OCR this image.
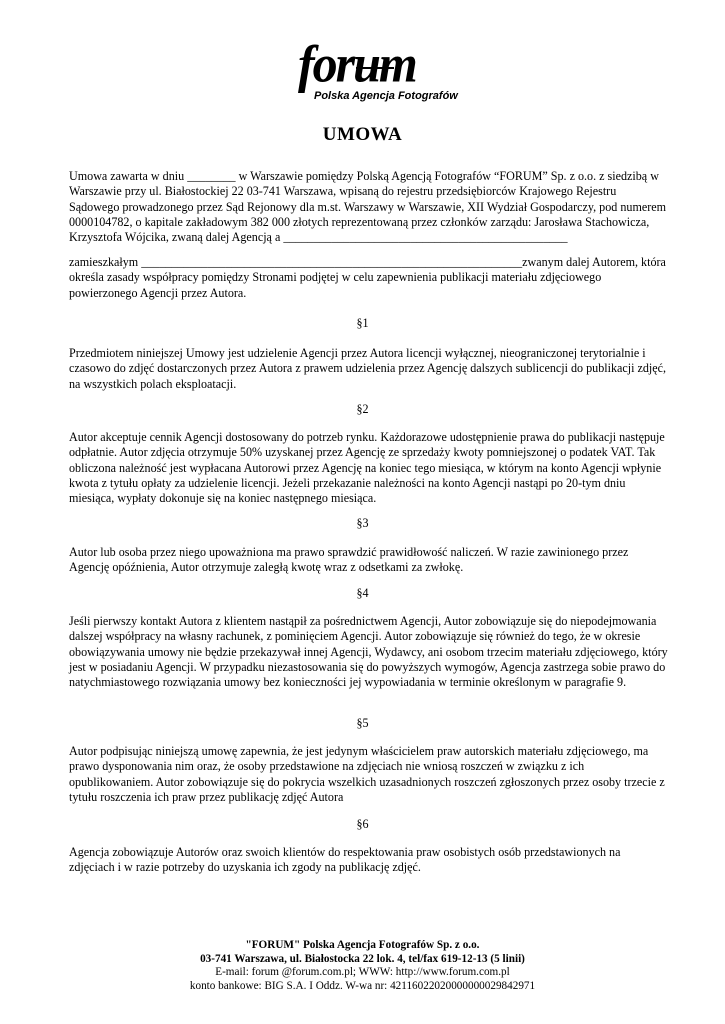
forum
Polska Agencja Fotografów
UMOWA

Umowa zawarta w dniu ________ w Warszawie pomiędzy Polską Agencją Fotografów “FORUM” Sp. z o.o. z siedzibą w Warszawie przy ul. Białostockiej 22 03-741 Warszawa, wpisaną do rejestru przedsiębiorców Krajowego Rejestru Sądowego prowadzonego przez Sąd Rejonowy dla m.st. Warszawy w Warszawie, XII Wydział Gospodarczy, pod numerem 0000104782, o kapitale zakładowym 382 000 złotych reprezentowaną przez członków zarządu: Jarosława Stachowicza, Krzysztofa Wójcika, zwaną dalej Agencją a _______________________________________________

zamieszkałym _______________________________________________________________zwanym dalej Autorem, która określa zasady współpracy pomiędzy Stronami podjętej w celu zapewnienia publikacji materiału zdjęciowego powierzonego Agencji przez Autora.

§1

Przedmiotem niniejszej Umowy jest udzielenie Agencji przez Autora licencji wyłącznej, nieograniczonej terytorialnie i czasowo do zdjęć dostarczonych przez Autora z prawem udzielenia przez Agencję dalszych sublicencji do publikacji zdjęć, na wszystkich polach eksploatacji.

§2

Autor akceptuje cennik Agencji dostosowany do potrzeb rynku. Każdorazowe udostępnienie prawa do publikacji następuje odpłatnie. Autor zdjęcia otrzymuje 50% uzyskanej przez Agencję ze sprzedaży kwoty pomniejszonej o podatek VAT. Tak obliczona należność jest wypłacana Autorowi przez Agencję na koniec tego miesiąca, w którym na konto Agencji wpłynie kwota z tytułu opłaty za udzielenie licencji. Jeżeli przekazanie należności na konto Agencji nastąpi po 20-tym dniu miesiąca, wypłaty dokonuje się na koniec następnego miesiąca.

§3

Autor lub osoba przez niego upoważniona ma prawo sprawdzić prawidłowość naliczeń. W razie zawinionego przez Agencję opóźnienia, Autor otrzymuje zaległą kwotę wraz z odsetkami za zwłokę.

§4

Jeśli pierwszy kontakt Autora z klientem nastąpił za pośrednictwem Agencji, Autor zobowiązuje się do niepodejmowania dalszej współpracy na własny rachunek, z pominięciem Agencji. Autor zobowiązuje się również do tego, że w okresie obowiązywania umowy nie będzie przekazywał innej Agencji, Wydawcy, ani osobom trzecim materiału zdjęciowego, który jest w posiadaniu Agencji. W przypadku niezastosowania się do powyższych wymogów, Agencja zastrzega sobie prawo do natychmiastowego rozwiązania umowy bez konieczności jej wypowiadania w terminie określonym w paragrafie 9.

§5

Autor podpisując niniejszą umowę zapewnia, że jest jedynym właścicielem praw autorskich materiału zdjęciowego, ma prawo dysponowania nim oraz, że osoby przedstawione na zdjęciach nie wniosą roszczeń w związku z ich opublikowaniem. Autor zobowiązuje się do pokrycia wszelkich uzasadnionych roszczeń zgłoszonych przez osoby trzecie z tytułu roszczenia ich praw przez publikację zdjęć Autora

§6

Agencja zobowiązuje Autorów oraz swoich klientów do respektowania praw osobistych osób przedstawionych na zdjęciach i w razie potrzeby do uzyskania ich zgody na publikację zdjęć.

"FORUM" Polska Agencja Fotografów Sp. z o.o.
03-741 Warszawa, ul. Białostocka 22 lok. 4, tel/fax 619-12-13 (5 linii)
E-mail: forum @forum.com.pl; WWW: http://www.forum.com.pl
konto bankowe: BIG S.A. I Oddz. W-wa nr: 42116022020000000029842971
